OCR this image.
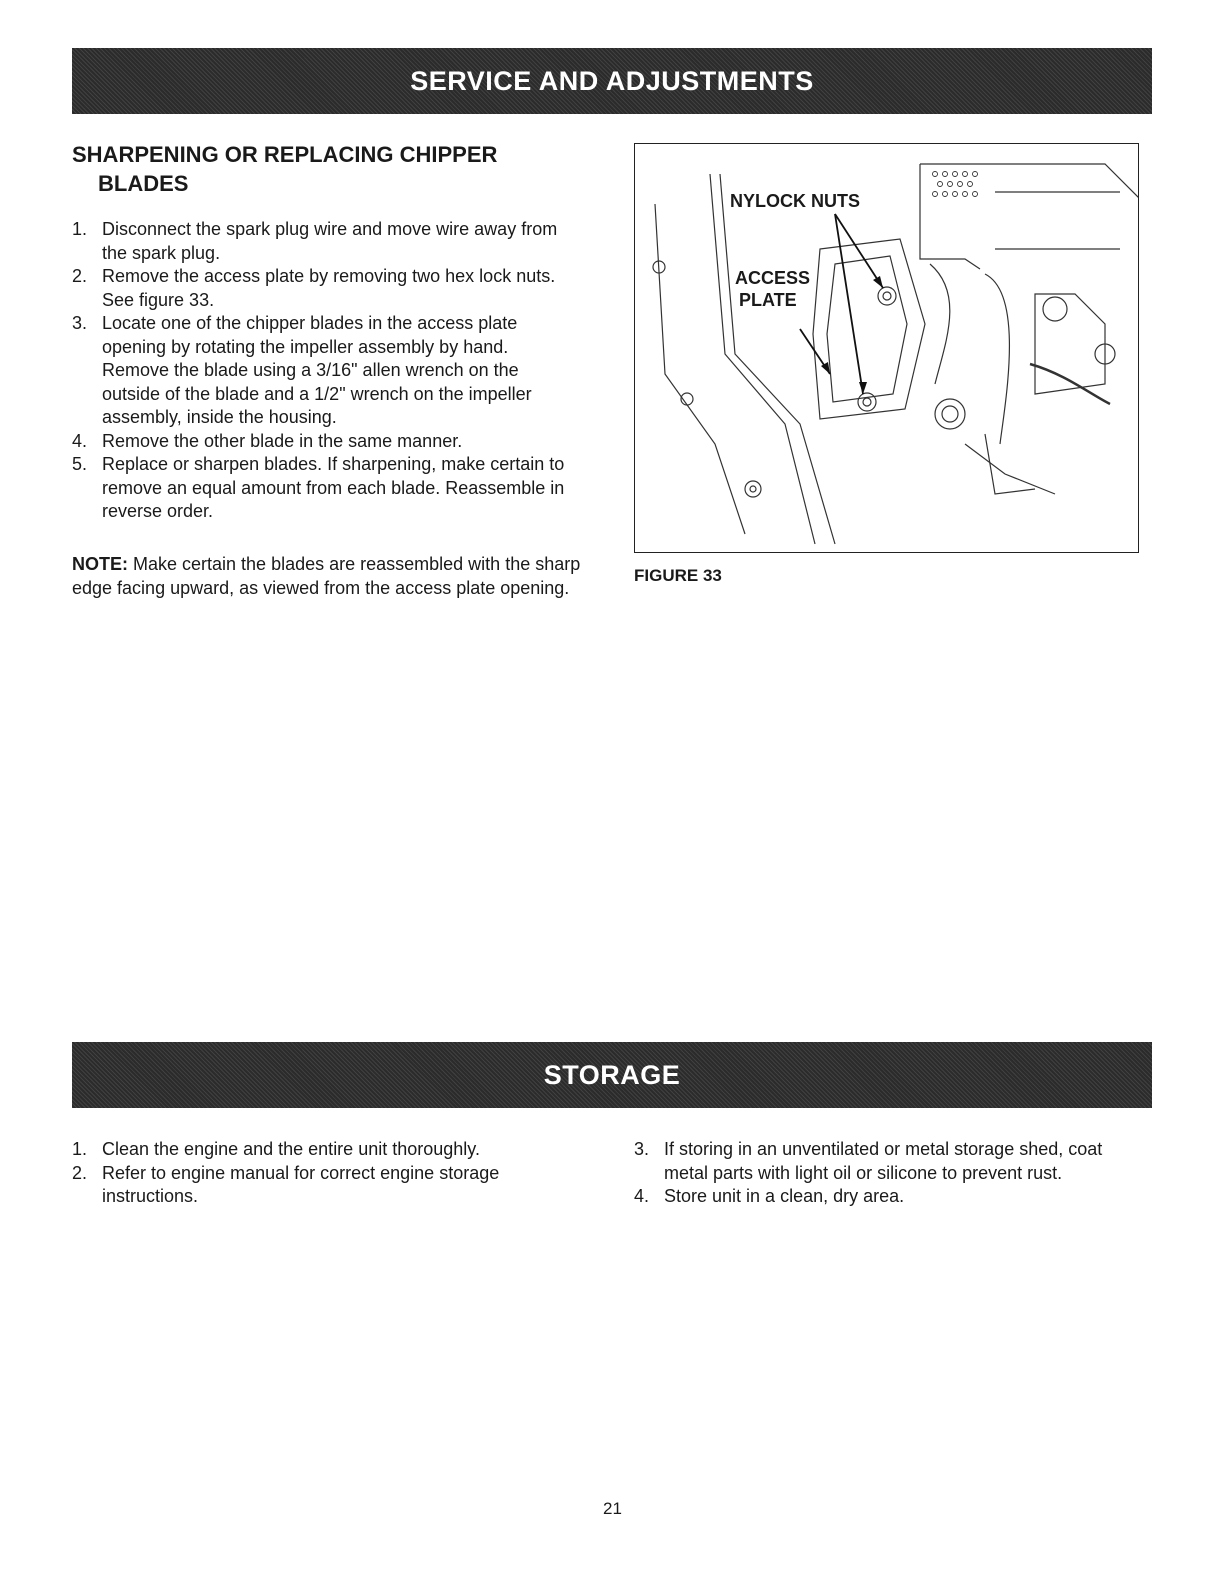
SERVICE AND ADJUSTMENTS
SHARPENING OR REPLACING CHIPPER
BLADES
1. Disconnect the spark plug wire and move wire away from the spark plug.
2. Remove the access plate by removing two hex lock nuts. See figure 33.
3. Locate one of the chipper blades in the access plate opening by rotating the impeller assembly by hand. Remove the blade using a 3/16" allen wrench on the outside of the blade and a 1/2" wrench on the impeller assembly, inside the housing.
4. Remove the other blade in the same manner.
5. Replace or sharpen blades. If sharpening, make certain to remove an equal amount from each blade. Reassemble in reverse order.

NOTE: Make certain the blades are reassembled with the sharp edge facing upward, as viewed from the access plate opening.

NYLOCK NUTS
ACCESS
PLATE

FIGURE 33

STORAGE
1. Clean the engine and the entire unit thoroughly.
2. Refer to engine manual for correct engine storage instructions.
3. If storing in an unventilated or metal storage shed, coat metal parts with light oil or silicone to prevent rust.
4. Store unit in a clean, dry area.

21
